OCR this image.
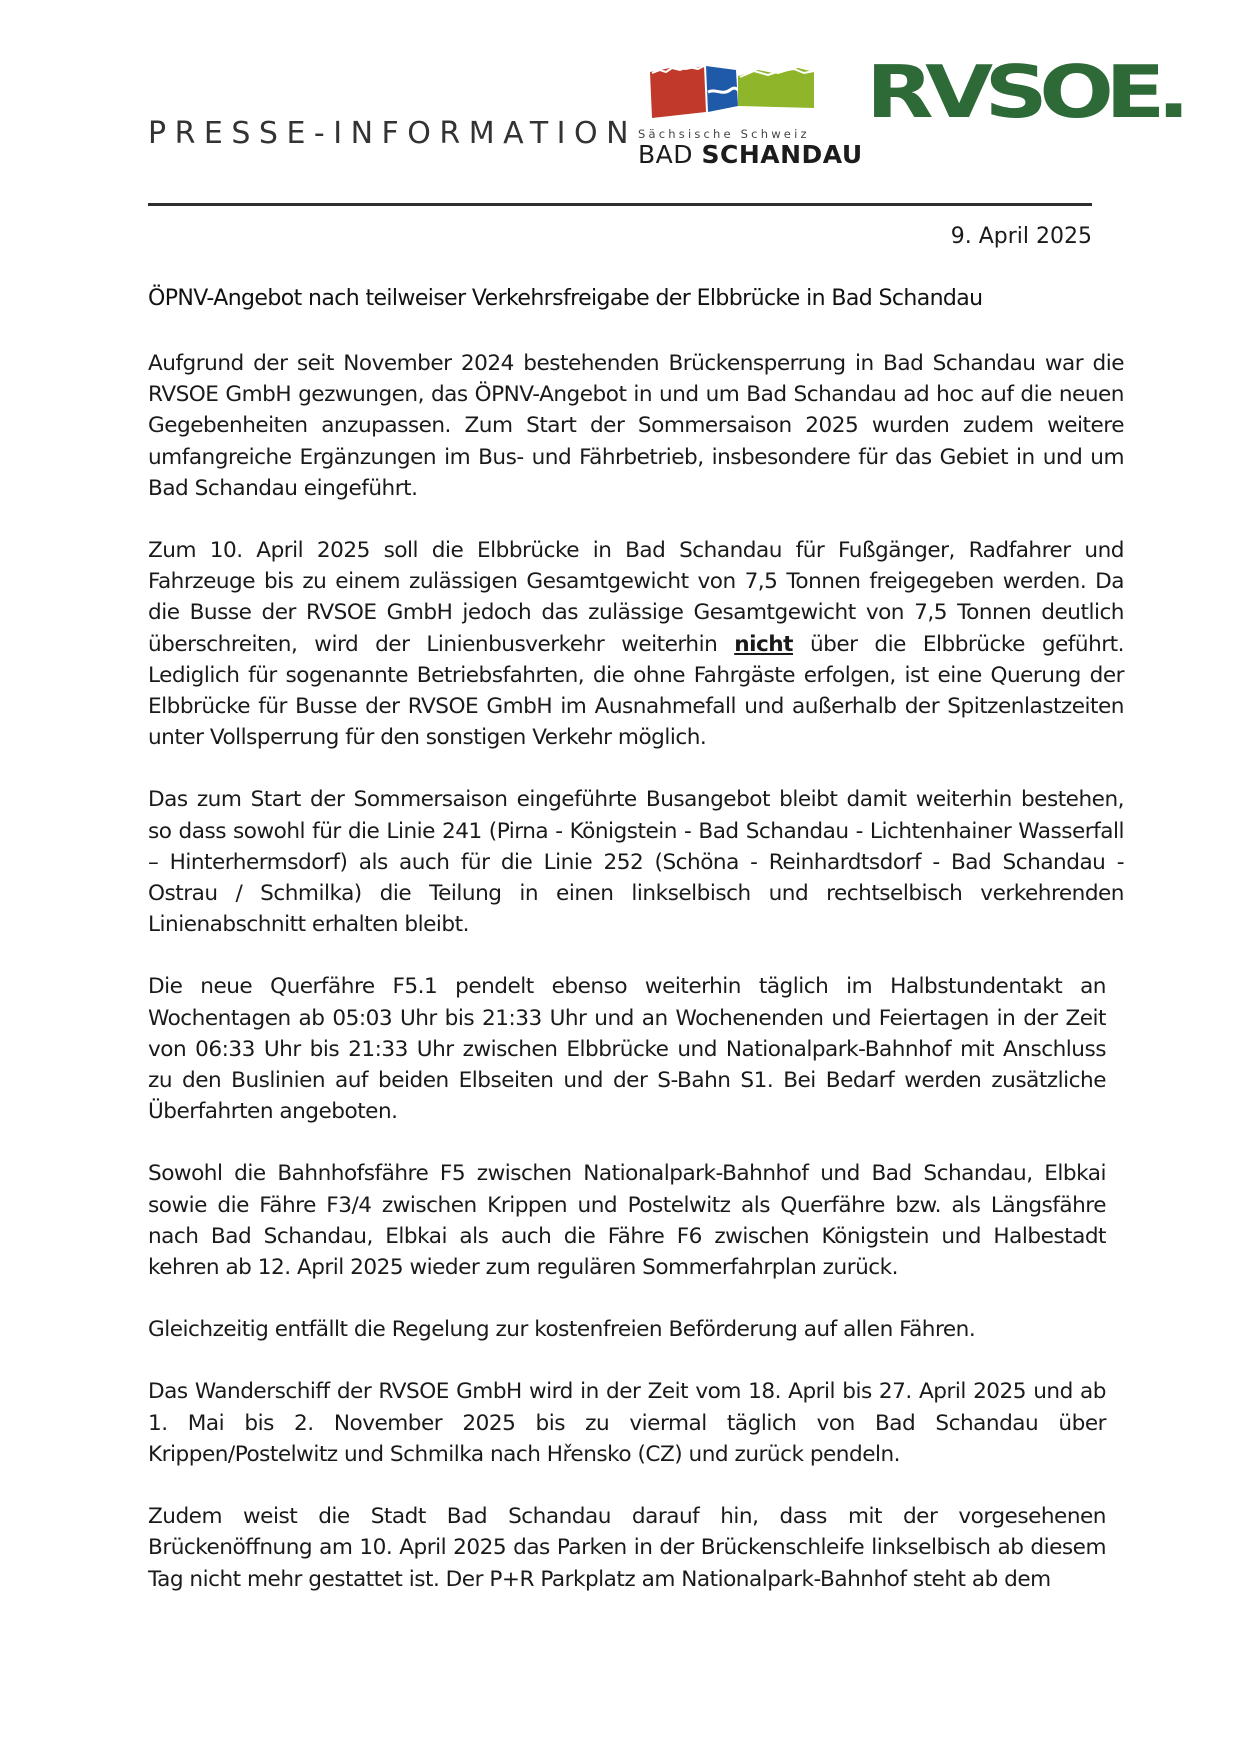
PRESSE-INFORMATION Sächsische Schweiz
BAD SCHANDAU
RVSOE.
9. April 2025
ÖPNV-Angebot nach teilweiser Verkehrsfreigabe der Elbbrücke in Bad Schandau

Aufgrund der seit November 2024 bestehenden Brückensperrung in Bad Schandau war die RVSOE GmbH gezwungen, das ÖPNV-Angebot in und um Bad Schandau ad hoc auf die neuen Gegebenheiten anzupassen. Zum Start der Sommersaison 2025 wurden zudem weitere umfangreiche Ergänzungen im Bus- und Fährbetrieb, insbesondere für das Gebiet in und um Bad Schandau eingeführt.

Zum 10. April 2025 soll die Elbbrücke in Bad Schandau für Fußgänger, Radfahrer und Fahrzeuge bis zu einem zulässigen Gesamtgewicht von 7,5 Tonnen freigegeben werden. Da die Busse der RVSOE GmbH jedoch das zulässige Gesamtgewicht von 7,5 Tonnen deutlich überschreiten, wird der Linienbusverkehr weiterhin nicht über die Elbbrücke geführt. Lediglich für sogenannte Betriebsfahrten, die ohne Fahrgäste erfolgen, ist eine Querung der Elbbrücke für Busse der RVSOE GmbH im Ausnahmefall und außerhalb der Spitzenlastzeiten unter Vollsperrung für den sonstigen Verkehr möglich.

Das zum Start der Sommersaison eingeführte Busangebot bleibt damit weiterhin bestehen, so dass sowohl für die Linie 241 (Pirna - Königstein - Bad Schandau - Lichtenhainer Wasserfall – Hinterhermsdorf) als auch für die Linie 252 (Schöna - Reinhardtsdorf - Bad Schandau - Ostrau / Schmilka) die Teilung in einen linkselbisch und rechtselbisch verkehrenden Linienabschnitt erhalten bleibt.

Die neue Querfähre F5.1 pendelt ebenso weiterhin täglich im Halbstundentakt an Wochentagen ab 05:03 Uhr bis 21:33 Uhr und an Wochenenden und Feiertagen in der Zeit von 06:33 Uhr bis 21:33 Uhr zwischen Elbbrücke und Nationalpark-Bahnhof mit Anschluss zu den Buslinien auf beiden Elbseiten und der S-Bahn S1. Bei Bedarf werden zusätzliche Überfahrten angeboten.

Sowohl die Bahnhofsfähre F5 zwischen Nationalpark-Bahnhof und Bad Schandau, Elbkai sowie die Fähre F3/4 zwischen Krippen und Postelwitz als Querfähre bzw. als Längsfähre nach Bad Schandau, Elbkai als auch die Fähre F6 zwischen Königstein und Halbestadt kehren ab 12. April 2025 wieder zum regulären Sommerfahrplan zurück.

Gleichzeitig entfällt die Regelung zur kostenfreien Beförderung auf allen Fähren.

Das Wanderschiff der RVSOE GmbH wird in der Zeit vom 18. April bis 27. April 2025 und ab 1. Mai bis 2. November 2025 bis zu viermal täglich von Bad Schandau über Krippen/Postelwitz und Schmilka nach Hřensko (CZ) und zurück pendeln.

Zudem weist die Stadt Bad Schandau darauf hin, dass mit der vorgesehenen Brückenöffnung am 10. April 2025 das Parken in der Brückenschleife linkselbisch ab diesem Tag nicht mehr gestattet ist. Der P+R Parkplatz am Nationalpark-Bahnhof steht ab dem
